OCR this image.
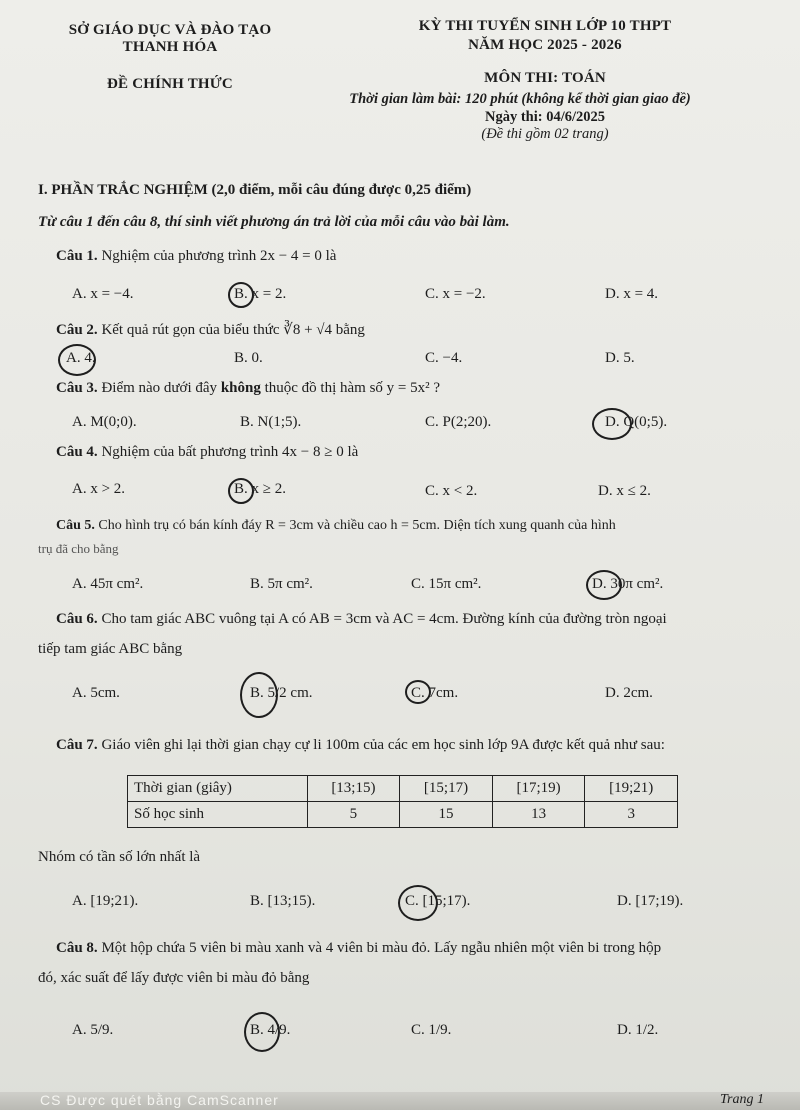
SỞ GIÁO DỤC VÀ ĐÀO TẠO
THANH HÓA
ĐỀ CHÍNH THỨC
KỲ THI TUYỂN SINH LỚP 10 THPT
NĂM HỌC 2025 - 2026
MÔN THI: TOÁN
Thời gian làm bài: 120 phút (không kể thời gian giao đề)
Ngày thi: 04/6/2025
(Đề thi gồm 02 trang)
I. PHẦN TRẮC NGHIỆM (2,0 điểm, mỗi câu đúng được 0,25 điểm)
Từ câu 1 đến câu 8, thí sinh viết phương án trả lời của mỗi câu vào bài làm.
Câu 1. Nghiệm của phương trình 2x − 4 = 0 là
A. x = −4.	B. x = 2.	C. x = −2.	D. x = 4.
Câu 2. Kết quả rút gọn của biểu thức ∛8 + √4 bằng
A. 4.	B. 0.	C. −4.	D. 5.
Câu 3. Điểm nào dưới đây không thuộc đồ thị hàm số y = 5x² ?
A. M(0;0).	B. N(1;5).	C. P(2;20).	D. Q(0;5).
Câu 4. Nghiệm của bất phương trình 4x − 8 ≥ 0 là
A. x > 2.	B. x ≥ 2.	C. x < 2.	D. x ≤ 2.
Câu 5. Cho hình trụ có bán kính đáy R = 3cm và chiều cao h = 5cm. Diện tích xung quanh của hình
trụ đã cho bằng
A. 45π cm².	B. 5π cm².	C. 15π cm².	D. 30π cm².
Câu 6. Cho tam giác ABC vuông tại A có AB = 3cm và AC = 4cm. Đường kính của đường tròn ngoại
tiếp tam giác ABC bằng
A. 5cm.	B. 5/2 cm.	C. 7cm.	D. 2cm.
Câu 7. Giáo viên ghi lại thời gian chạy cự li 100m của các em học sinh lớp 9A được kết quả như sau:
Thời gian (giây)	[13;15)	[15;17)	[17;19)	[19;21)
Số học sinh	5	15	13	3
Nhóm có tần số lớn nhất là
A. [19;21).	B. [13;15).	C. [15;17).	D. [17;19).
Câu 8. Một hộp chứa 5 viên bi màu xanh và 4 viên bi màu đỏ. Lấy ngẫu nhiên một viên bi trong hộp
đó, xác suất để lấy được viên bi màu đỏ bằng
A. 5/9.	B. 4/9.	C. 1/9.	D. 1/2.
CS Được quét bằng CamScanner	Trang 1
